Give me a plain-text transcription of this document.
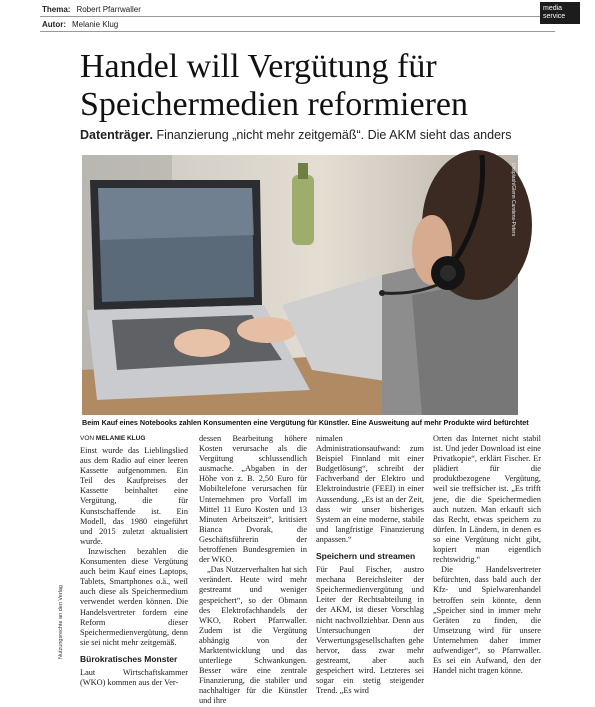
Thema: Robert Pfarrwaller
Autor: Melanie Klug
media
service
Handel will Vergütung für
Speichermedien reformieren
Datenträger. Finanzierung „nicht mehr zeitgemäß“. Die AKM sieht das anders
Unsplash/Glenn Carstens-Peters
Beim Kauf eines Notebooks zahlen Konsumenten eine Vergütung für Künstler. Eine Ausweitung auf mehr Produkte wird befürchtet
Nutzungsrechte an den Verlag
VON MELANIE KLUG

Einst wurde das Lieblingslied aus dem Radio auf einer leeren Kassette aufgenommen. Ein Teil des Kaufpreises der Kassette beinhaltet eine Vergütung, die für Kunstschaffende ist. Ein Modell, das 1980 eingeführt und 2015 zuletzt aktualisiert wurde.

Inzwischen bezahlen die Konsumenten diese Vergütung auch beim Kauf eines Laptops, Tablets, Smartphones o.ä., weil auch diese als Speichermedium verwendet werden können. Die Handelsvertreter fordern eine Reform dieser Speichermedienvergütung, denn sie sei nicht mehr zeitgemäß.

Bürokratisches Monster

Laut Wirtschaftskammer (WKO) kommen aus der Ver-

dessen Bearbeitung höhere Kosten verursache als die Vergütung schlussendlich ausmache. „Abgaben in der Höhe von z. B. 2,50 Euro für Mobiltelefone verursachen für Unternehmen pro Vorfall im Mittel 11 Euro Kosten und 13 Minuten Arbeitszeit“, kritisiert Bianca Dvorak, die Geschäftsführerin der betroffenen Bundesgremien in der WKO.

„Das Nutzerverhalten hat sich verändert. Heute wird mehr gestreamt und weniger gespeichert“, so der Obmann des Elektrofachhandels der WKO, Robert Pfarrwaller. Zudem ist die Vergütung abhängig von der Marktentwicklung und das unterliege Schwankungen. Besser wäre eine zentrale Finanzierung, die stabiler und nachhaltiger für die Künstler und ihre

nimalen Administrationsaufwand: zum Beispiel Finnland mit einer Budgetlösung“, schreibt der Fachverband der Elektro und Elektroindustrie (FEEI) in einer Aussendung. „Es ist an der Zeit, dass wir unser bisheriges System an eine moderne, stabile und langfristige Finanzierung anpassen.“

Speichern und streamen

Für Paul Fischer, austro mechana Bereichsleiter der Speichermedienvergütung und Leiter der Rechtsabteilung in der AKM, ist dieser Vorschlag nicht nachvollziehbar. Denn aus Untersuchungen der Verwertungsgesellschaften gehe hervor, dass zwar mehr gestreamt, aber auch gespeichert wird. Letzteres sei sogar ein stetig steigender Trend. „Es wird

Orten das Internet nicht stabil ist. Und jeder Download ist eine Privatkopie“, erklärt Fischer. Er plädiert für die produktbezogene Vergütung, weil sie treffsicher ist. „Es trifft jene, die die Speichermedien auch nutzen. Man erkauft sich das Recht, etwas speichern zu dürfen. In Ländern, in denen es so eine Vergütung nicht gibt, kopiert man eigentlich rechtswidrig.“

Die Handelsvertreter befürchten, dass bald auch der Kfz- und Spielwarenhandel betroffen sein könnte, denn „Speicher sind in immer mehr Geräten zu finden, die Umsetzung wird für unsere Unternehmen daher immer aufwendiger“, so Pfarrwaller. Es sei ein Aufwand, den der Handel nicht tragen könne.
